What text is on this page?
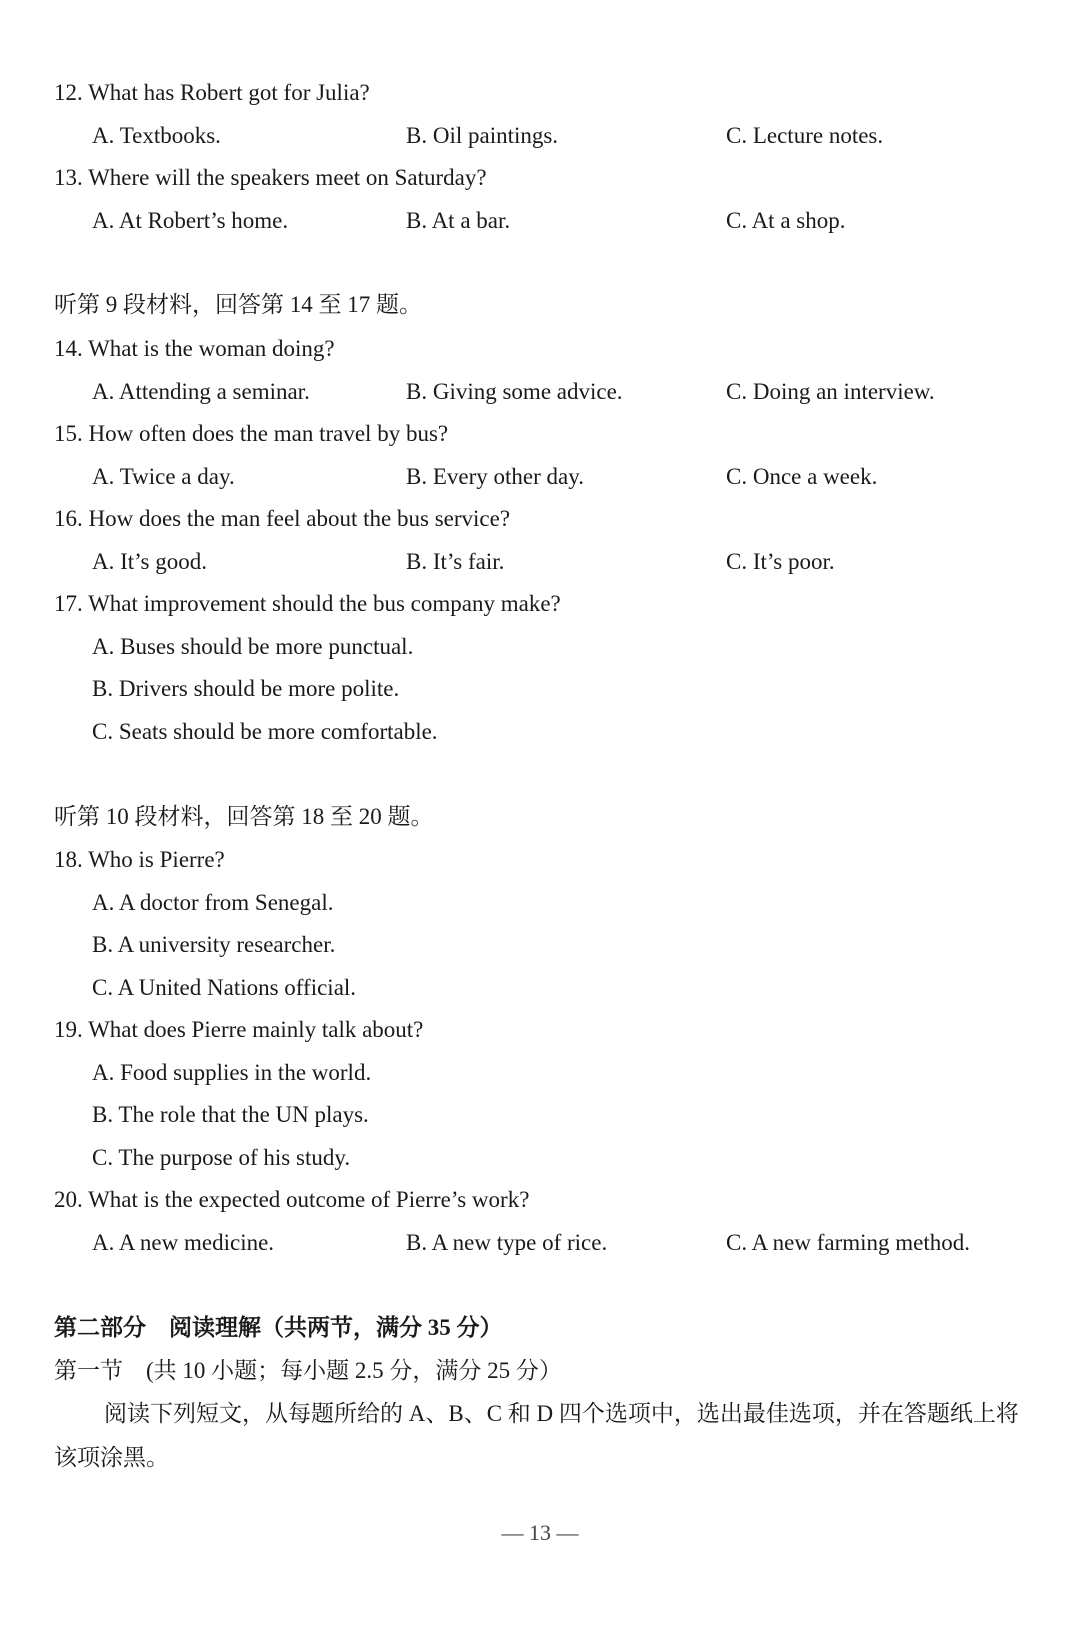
12. What has Robert got for Julia?
A. Textbooks.	B. Oil paintings.	C. Lecture notes.
13. Where will the speakers meet on Saturday?
A. At Robert’s home.	B. At a bar.	C. At a shop.
听第 9 段材料，回答第 14 至 17 题。
14. What is the woman doing?
A. Attending a seminar.	B. Giving some advice.	C. Doing an interview.
15. How often does the man travel by bus?
A. Twice a day.	B. Every other day.	C. Once a week.
16. How does the man feel about the bus service?
A. It’s good.	B. It’s fair.	C. It’s poor.
17. What improvement should the bus company make?
A. Buses should be more punctual.
B. Drivers should be more polite.
C. Seats should be more comfortable.
听第 10 段材料，回答第 18 至 20 题。
18. Who is Pierre?
A. A doctor from Senegal.
B. A university researcher.
C. A United Nations official.
19. What does Pierre mainly talk about?
A. Food supplies in the world.
B. The role that the UN plays.
C. The purpose of his study.
20. What is the expected outcome of Pierre’s work?
A. A new medicine.	B. A new type of rice.	C. A new farming method.
第二部分　阅读理解（共两节，满分 35 分）
第一节　(共 10 小题；每小题 2.5 分，满分 25 分）
阅读下列短文，从每题所给的 A、B、C 和 D 四个选项中，选出最佳选项，并在答题纸上将该项涂黑。
— 13 —
